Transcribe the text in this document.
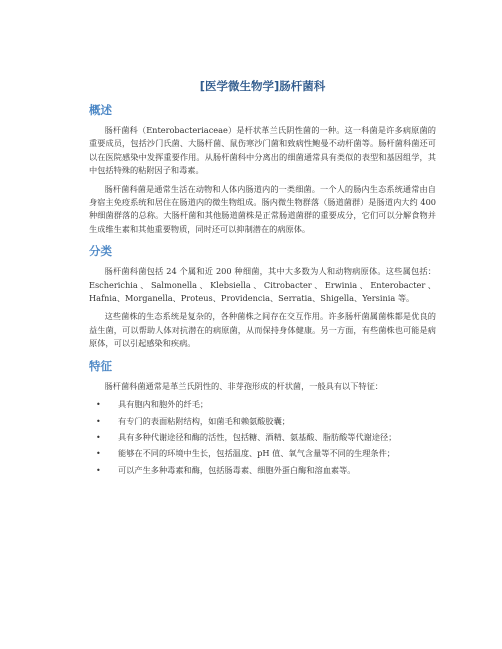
[医学微生物学]肠杆菌科
概述

肠杆菌科（Enterobacteriaceae）是杆状革兰氏阴性菌的一种。这一科菌是许多病原菌的重要成员，包括沙门氏菌、大肠杆菌、鼠伤寒沙门菌和致病性鲍曼不动杆菌等。肠杆菌科菌还可以在医院感染中发挥重要作用。从肠杆菌科中分离出的细菌通常具有类似的表型和基因组学，其中包括特殊的粘附因子和毒素。

肠杆菌科菌是通常生活在动物和人体内肠道内的一类细菌。一个人的肠内生态系统通常由自身宿主免疫系统和居住在肠道内的微生物组成。肠内微生物群落（肠道菌群）是肠道内大约 400 种细菌群落的总称。大肠杆菌和其他肠道菌株是正常肠道菌群的重要成分，它们可以分解食物并生成维生素和其他重要物质，同时还可以抑制潜在的病原体。

分类

肠杆菌科菌包括 24 个属和近 200 种细菌，其中大多数为人和动物病原体。这些属包括：Escherichia、Salmonella、Klebsiella、Citrobacter、Erwinia、Enterobacter、Hafnia、Morganella、Proteus、Providencia、Serratia、Shigella、Yersinia 等。

这些菌株的生态系统是复杂的，各种菌株之间存在交互作用。许多肠杆菌属菌株都是优良的益生菌，可以帮助人体对抗潜在的病原菌，从而保持身体健康。另一方面，有些菌株也可能是病原体，可以引起感染和疾病。

特征

肠杆菌科菌通常是革兰氏阴性的、非芽孢形成的杆状菌，一般具有以下特征：

• 具有胞内和胞外的纤毛；
• 有专门的表面粘附结构，如菌毛和赖氨酸胶囊；
• 具有多种代谢途径和酶的活性，包括糖、酒精、氨基酸、脂肪酸等代谢途径；
• 能够在不同的环境中生长，包括温度、pH 值、氧气含量等不同的生理条件；
• 可以产生多种毒素和酶，包括肠毒素、细胞外蛋白酶和溶血素等。
